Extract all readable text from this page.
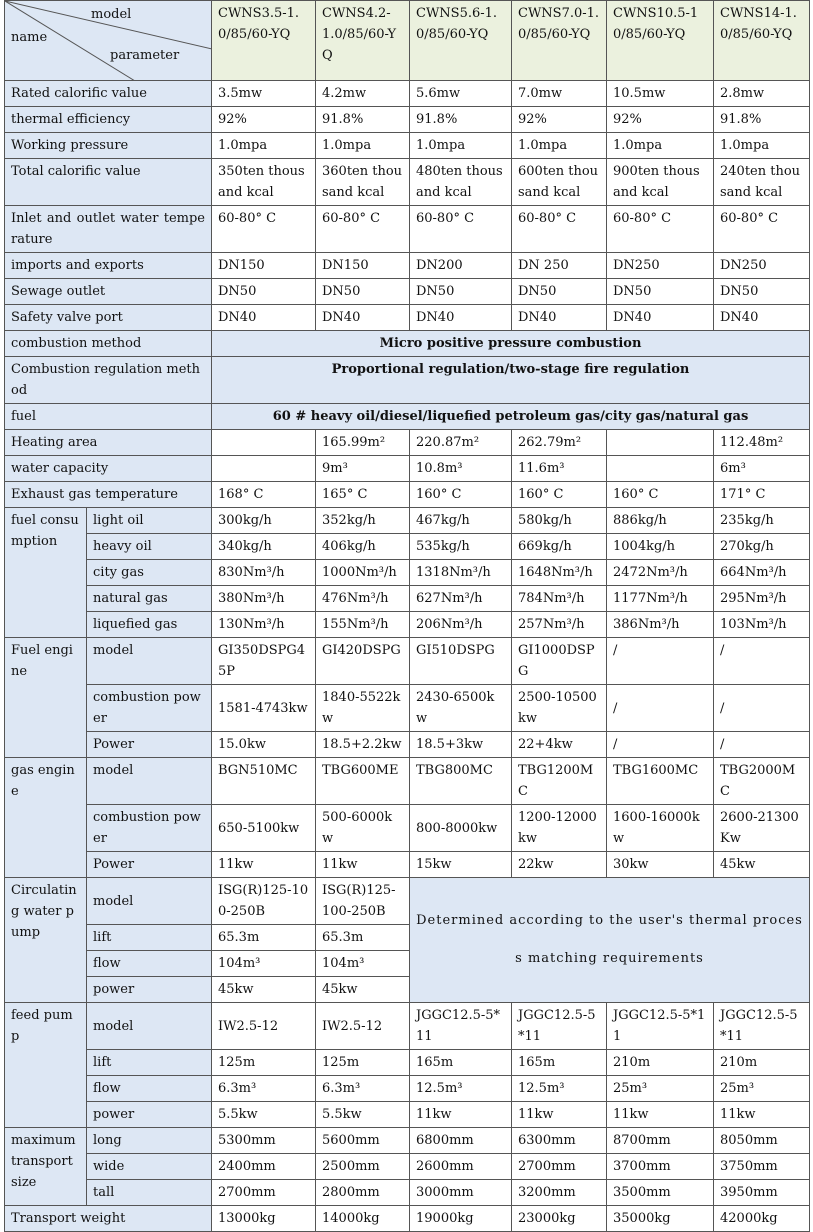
model
name
parameter		CWNS3.5-1.0/85/60-YQ	CWNS4.2-1.0/85/60-YQ	CWNS5.6-1.0/85/60-YQ	CWNS7.0-1.0/85/60-YQ	CWNS10.5-10/85/60-YQ	CWNS14-1.0/85/60-YQ
Rated calorific value		3.5mw	4.2mw	5.6mw	7.0mw	10.5mw	2.8mw
thermal efficiency		92%	91.8%	91.8%	92%	92%	91.8%
Working pressure		1.0mpa	1.0mpa	1.0mpa	1.0mpa	1.0mpa	1.0mpa
Total calorific value		350ten thousand kcal	360ten thousand kcal	480ten thousand kcal	600ten thousand kcal	900ten thousand kcal	240ten thousand kcal
Inlet and outlet water temperature		60-80° C	60-80° C	60-80° C	60-80° C	60-80° C	60-80° C
imports and exports		DN150	DN150	DN200	DN 250	DN250	DN250
Sewage outlet		DN50	DN50	DN50	DN50	DN50	DN50
Safety valve port		DN40	DN40	DN40	DN40	DN40	DN40
combustion method		Micro positive pressure combustion					
Combustion regulation method		Proportional regulation/two-stage fire regulation					
fuel		60 # heavy oil/diesel/liquefied petroleum gas/city gas/natural gas					
Heating area			165.99m²	220.87m²	262.79m²		112.48m²
water capacity			9m³	10.8m³	11.6m³		6m³
Exhaust gas temperature		168° C	165° C	160° C	160° C	160° C	171° C
fuel consumption	light oil	300kg/h	352kg/h	467kg/h	580kg/h	886kg/h	235kg/h
	heavy oil	340kg/h	406kg/h	535kg/h	669kg/h	1004kg/h	270kg/h
	city gas	830Nm³/h	1000Nm³/h	1318Nm³/h	1648Nm³/h	2472Nm³/h	664Nm³/h
	natural gas	380Nm³/h	476Nm³/h	627Nm³/h	784Nm³/h	1177Nm³/h	295Nm³/h
	liquefied gas	130Nm³/h	155Nm³/h	206Nm³/h	257Nm³/h	386Nm³/h	103Nm³/h
Fuel engine	model	GI350DSPG45P	GI420DSPG	GI510DSPG	GI1000DSPG	/	/
	combustion power	1581-4743kw	1840-5522kw	2430-6500kw	2500-10500kw	/	/
	Power	15.0kw	18.5+2.2kw	18.5+3kw	22+4kw	/	/
gas engine	model	BGN510MC	TBG600ME	TBG800MC	TBG1200MC	TBG1600MC	TBG2000MC
	combustion power	650-5100kw	500-6000kw	800-8000kw	1200-12000kw	1600-16000kw	2600-21300Kw
	Power	11kw	11kw	15kw	22kw	30kw	45kw
Circulating water pump	model	ISG(R)125-100-250B	ISG(R)125-100-250B	Determined according to the user's thermal process matching requirements			
	lift	65.3m	65.3m				
	flow	104m³	104m³				
	power	45kw	45kw				
feed pump	model	IW2.5-12	IW2.5-12	JGGC12.5-5*11	JGGC12.5-5*11	JGGC12.5-5*11	JGGC12.5-5*11
	lift	125m	125m	165m	165m	210m	210m
	flow	6.3m³	6.3m³	12.5m³	12.5m³	25m³	25m³
	power	5.5kw	5.5kw	11kw	11kw	11kw	11kw
maximum transport size	long	5300mm	5600mm	6800mm	6300mm	8700mm	8050mm
	wide	2400mm	2500mm	2600mm	2700mm	3700mm	3750mm
	tall	2700mm	2800mm	3000mm	3200mm	3500mm	3950mm
Transport weight		13000kg	14000kg	19000kg	23000kg	35000kg	42000kg
